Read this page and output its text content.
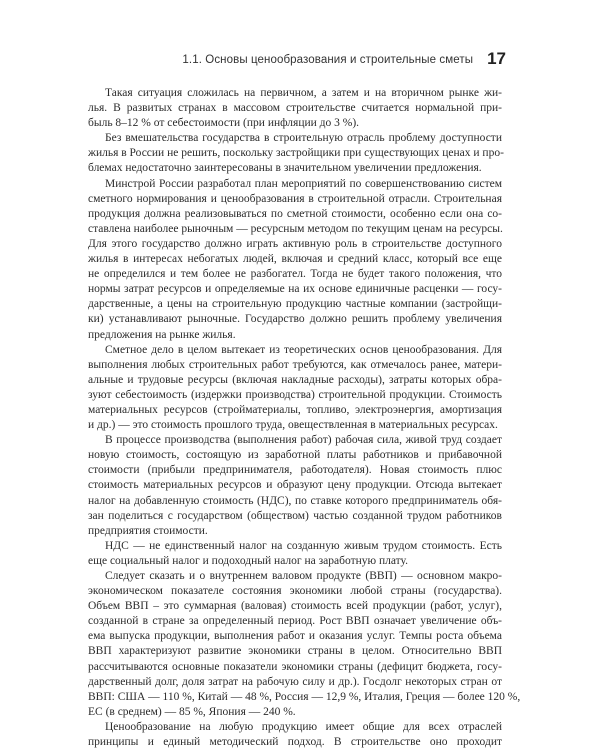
1.1. Основы ценообразования и строительные сметы 17

Такая ситуация сложилась на первичном, а затем и на вторичном рынке жи-
лья. В развитых странах в массовом строительстве считается нормальной при-
быль 8–12 % от себестоимости (при инфляции до 3 %).

Без вмешательства государства в строительную отрасль проблему доступности
жилья в России не решить, поскольку застройщики при существующих ценах и про-
блемах недостаточно заинтересованы в значительном увеличении предложения.

Минстрой России разработал план мероприятий по совершенствованию систем
сметного нормирования и ценообразования в строительной отрасли. Строительная
продукция должна реализовываться по сметной стоимости, особенно если она со-
ставлена наиболее рыночным — ресурсным методом по текущим ценам на ресурсы.
Для этого государство должно играть активную роль в строительстве доступного
жилья в интересах небогатых людей, включая и средний класс, который все еще
не определился и тем более не разбогател. Тогда не будет такого положения, что
нормы затрат ресурсов и определяемые на их основе единичные расценки — госу-
дарственные, а цены на строительную продукцию частные компании (застройщи-
ки) устанавливают рыночные. Государство должно решить проблему увеличения
предложения на рынке жилья.

Сметное дело в целом вытекает из теоретических основ ценообразования. Для
выполнения любых строительных работ требуются, как отмечалось ранее, матери-
альные и трудовые ресурсы (включая накладные расходы), затраты которых обра-
зуют себестоимость (издержки производства) строительной продукции. Стоимость
материальных ресурсов (стройматериалы, топливо, электроэнергия, амортизация
и др.) — это стоимость прошлого труда, овеществленная в материальных ресурсах.

В процессе производства (выполнения работ) рабочая сила, живой труд создает
новую стоимость, состоящую из заработной платы работников и прибавочной
стоимости (прибыли предпринимателя, работодателя). Новая стоимость плюс
стоимость материальных ресурсов и образуют цену продукции. Отсюда вытекает
налог на добавленную стоимость (НДС), по ставке которого предприниматель обя-
зан поделиться с государством (обществом) частью созданной трудом работников
предприятия стоимости.

НДС — не единственный налог на созданную живым трудом стоимость. Есть
еще социальный налог и подоходный налог на заработную плату.

Следует сказать и о внутреннем валовом продукте (ВВП) — основном макро-
экономическом показателе состояния экономики любой страны (государства).
Объем ВВП – это суммарная (валовая) стоимость всей продукции (работ, услуг),
созданной в стране за определенный период. Рост ВВП означает увеличение объ-
ема выпуска продукции, выполнения работ и оказания услуг. Темпы роста объема
ВВП характеризуют развитие экономики страны в целом. Относительно ВВП
рассчитываются основные показатели экономики страны (дефицит бюджета, госу-
дарственный долг, доля затрат на рабочую силу и др.). Госдолг некоторых стран от
ВВП: США — 110 %, Китай — 48 %, Россия — 12,9 %, Италия, Греция — более 120 %,
ЕС (в среднем) — 85 %, Япония — 240 %.

Ценообразование на любую продукцию имеет общие для всех отраслей
принципы и единый методический подход. В строительстве оно проходит
